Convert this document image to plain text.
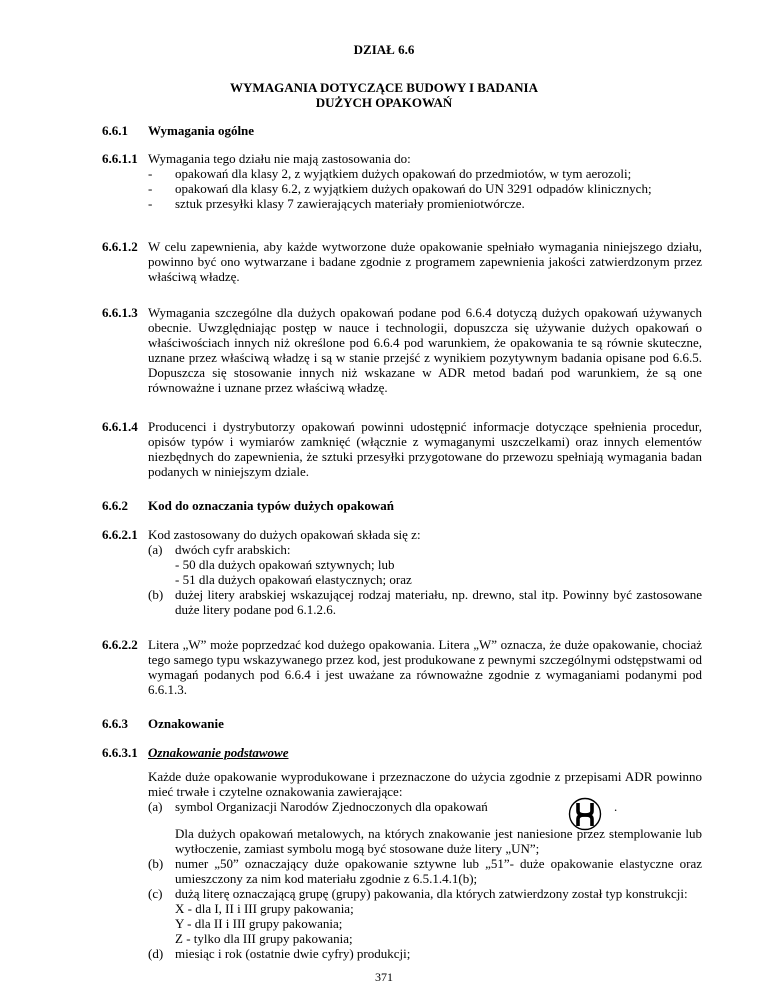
DZIAŁ 6.6
WYMAGANIA DOTYCZĄCE BUDOWY I BADANIA
DUŻYCH OPAKOWAŃ
6.6.1	Wymagania ogólne
6.6.1.1 Wymagania tego działu nie mają zastosowania do:
- opakowań dla klasy 2, z wyjątkiem dużych opakowań do przedmiotów, w tym aerozoli;
- opakowań dla klasy 6.2, z wyjątkiem dużych opakowań do UN 3291 odpadów klinicznych;
- sztuk przesyłki klasy 7 zawierających materiały promieniotwórcze.
6.6.1.2 W celu zapewnienia, aby każde wytworzone duże opakowanie spełniało wymagania niniejszego działu, powinno być ono wytwarzane i badane zgodnie z programem zapewnienia jakości zatwierdzonym przez właściwą władzę.
6.6.1.3 Wymagania szczególne dla dużych opakowań podane pod 6.6.4 dotyczą dużych opakowań używanych obecnie. Uwzględniając postęp w nauce i technologii, dopuszcza się używanie dużych opakowań o właściwościach innych niż określone pod 6.6.4 pod warunkiem, że opakowania te są równie skuteczne, uznane przez właściwą władzę i są w stanie przejść z wynikiem pozytywnym badania opisane pod 6.6.5. Dopuszcza się stosowanie innych niż wskazane w ADR metod badań pod warunkiem, że są one równoważne i uznane przez właściwą władzę.
6.6.1.4 Producenci i dystrybutorzy opakowań powinni udostępnić informacje dotyczące spełnienia procedur, opisów typów i wymiarów zamknięć (włącznie z wymaganymi uszczelkami) oraz innych elementów niezbędnych do zapewnienia, że sztuki przesyłki przygotowane do przewozu spełniają wymagania badan podanych w niniejszym dziale.
6.6.2	Kod do oznaczania typów dużych opakowań
6.6.2.1 Kod zastosowany do dużych opakowań składa się z:
(a) dwóch cyfr arabskich:
- 50 dla dużych opakowań sztywnych; lub
- 51 dla dużych opakowań elastycznych; oraz
(b) dużej litery arabskiej wskazującej rodzaj materiału, np. drewno, stal itp. Powinny być zastosowane duże litery podane pod 6.1.2.6.
6.6.2.2 Litera „W” może poprzedzać kod dużego opakowania. Litera „W” oznacza, że duże opakowanie, chociaż tego samego typu wskazywanego przez kod, jest produkowane z pewnymi szczególnymi odstępstwami od wymagań podanych pod 6.6.4 i jest uważane za równoważne zgodnie z wymaganiami podanymi pod 6.6.1.3.
6.6.3	Oznakowanie
6.6.3.1 Oznakowanie podstawowe
Każde duże opakowanie wyprodukowane i przeznaczone do użycia zgodnie z przepisami ADR powinno mieć trwałe i czytelne oznakowania zawierające:
(a) symbol Organizacji Narodów Zjednoczonych dla opakowań	.
Dla dużych opakowań metalowych, na których znakowanie jest naniesione przez stemplowanie lub wytłoczenie, zamiast symbolu mogą być stosowane duże litery „UN”;
(b) numer „50” oznaczający duże opakowanie sztywne lub „51”- duże opakowanie elastyczne oraz umieszczony za nim kod materiału zgodnie z 6.5.1.4.1(b);
(c) dużą literę oznaczającą grupę (grupy) pakowania, dla których zatwierdzony został typ konstrukcji:
X - dla I, II i III grupy pakowania;
Y - dla II i III grupy pakowania;
Z - tylko dla III grupy pakowania;
(d) miesiąc i rok (ostatnie dwie cyfry) produkcji;
371
